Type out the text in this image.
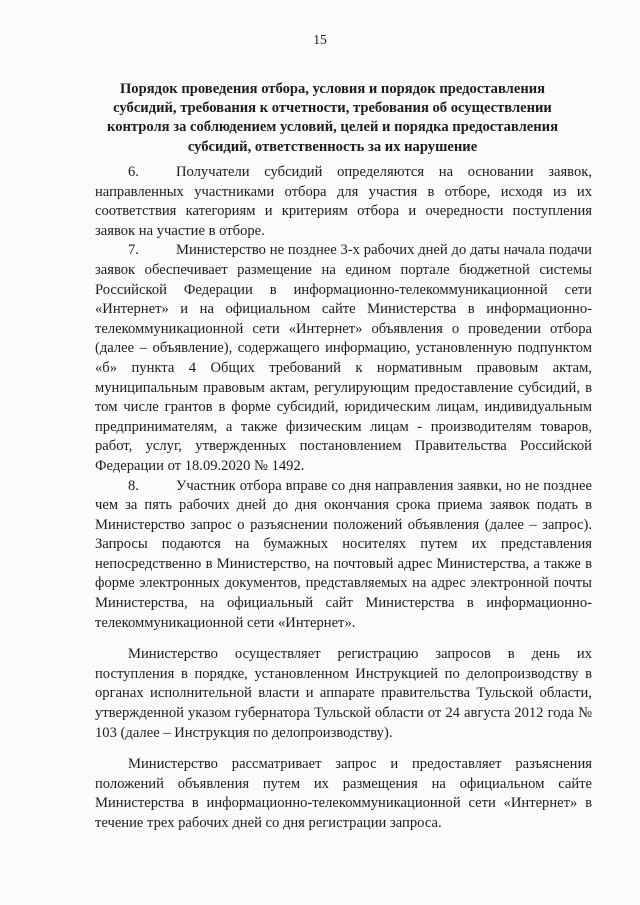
15
Порядок проведения отбора, условия и порядок предоставления субсидий, требования к отчетности, требования об осуществлении контроля за соблюдением условий, целей и порядка предоставления субсидий, ответственность за их нарушение

6.	Получатели субсидий определяются на основании заявок, направленных участниками отбора для участия в отборе, исходя из их соответствия категориям и критериям отбора и очередности поступления заявок на участие в отборе.

7.	Министерство не позднее 3-х рабочих дней до даты начала подачи заявок обеспечивает размещение на едином портале бюджетной системы Российской Федерации в информационно-телекоммуникационной сети «Интернет» и на официальном сайте Министерства в информационно-телекоммуникационной сети «Интернет» объявления о проведении отбора (далее – объявление), содержащего информацию, установленную подпунктом «б» пункта 4 Общих требований к нормативным правовым актам, муниципальным правовым актам, регулирующим предоставление субсидий, в том числе грантов в форме субсидий, юридическим лицам, индивидуальным предпринимателям, а также физическим лицам - производителям товаров, работ, услуг, утвержденных постановлением Правительства Российской Федерации от 18.09.2020 № 1492.

8.	Участник отбора вправе со дня направления заявки, но не позднее чем за пять рабочих дней до дня окончания срока приема заявок подать в Министерство запрос о разъяснении положений объявления (далее – запрос). Запросы подаются на бумажных носителях путем их представления непосредственно в Министерство, на почтовый адрес Министерства, а также в форме электронных документов, представляемых на адрес электронной почты Министерства, на официальный сайт Министерства в информационно-телекоммуникационной сети «Интернет».

Министерство осуществляет регистрацию запросов в день их поступления в порядке, установленном Инструкцией по делопроизводству в органах исполнительной власти и аппарате правительства Тульской области, утвержденной указом губернатора Тульской области от 24 августа 2012 года № 103 (далее – Инструкция по делопроизводству).

Министерство рассматривает запрос и предоставляет разъяснения положений объявления путем их размещения на официальном сайте Министерства в информационно-телекоммуникационной сети «Интернет» в течение трех рабочих дней со дня регистрации запроса.
